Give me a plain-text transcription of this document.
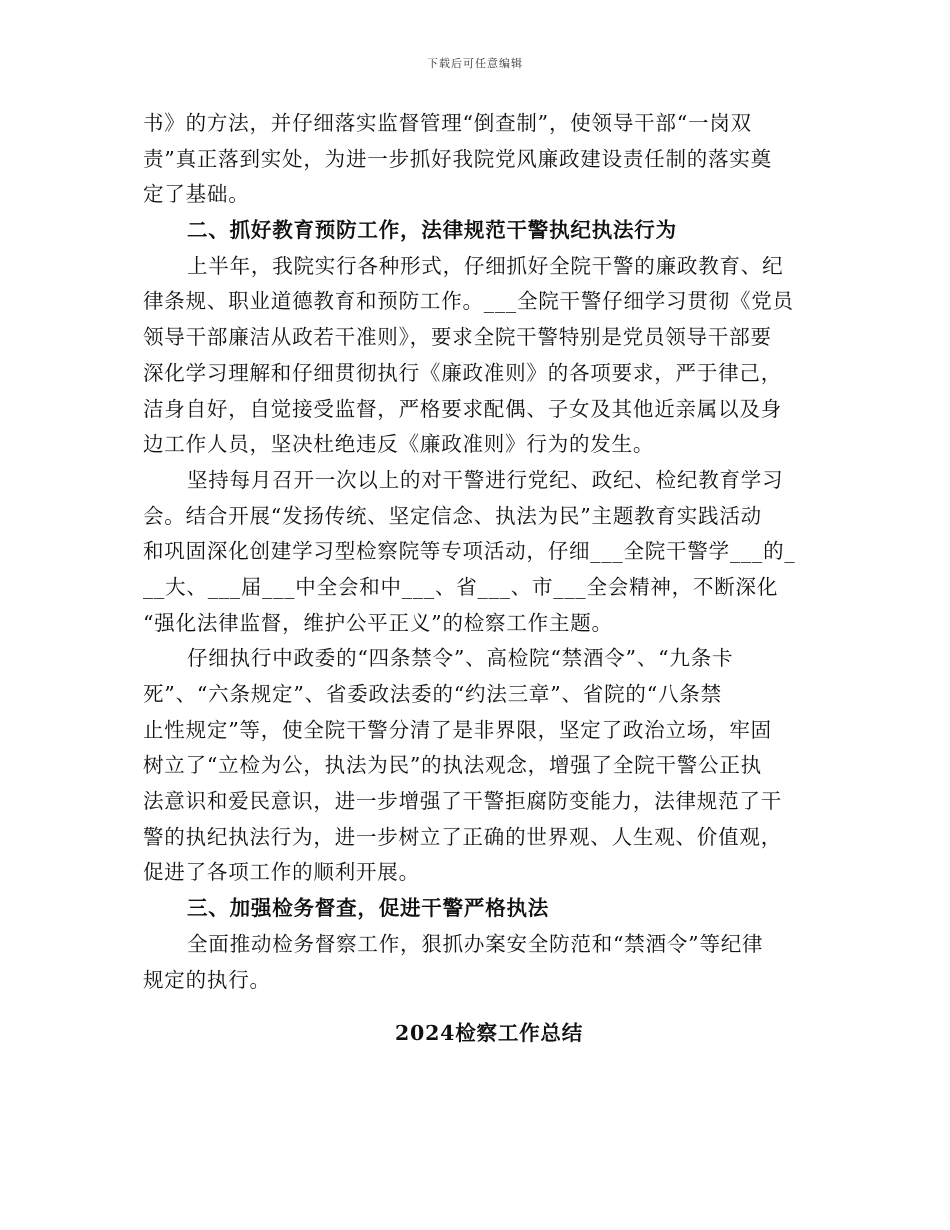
下载后可任意编辑
书》的方法，并仔细落实监督管理“倒查制”，使领导干部“一岗双
责”真正落到实处，为进一步抓好我院党风廉政建设责任制的落实奠
定了基础。
二、抓好教育预防工作，法律规范干警执纪执法行为
上半年，我院实行各种形式，仔细抓好全院干警的廉政教育、纪
律条规、职业道德教育和预防工作。___全院干警仔细学习贯彻《党员
领导干部廉洁从政若干准则》，要求全院干警特别是党员领导干部要
深化学习理解和仔细贯彻执行《廉政准则》的各项要求，严于律己，
洁身自好，自觉接受监督，严格要求配偶、子女及其他近亲属以及身
边工作人员，坚决杜绝违反《廉政准则》行为的发生。
坚持每月召开一次以上的对干警进行党纪、政纪、检纪教育学习
会。结合开展“发扬传统、坚定信念、执法为民”主题教育实践活动
和巩固深化创建学习型检察院等专项活动，仔细___全院干警学___的_
__大、___届___中全会和中___、省___、市___全会精神，不断深化
“强化法律监督，维护公平正义”的检察工作主题。
仔细执行中政委的“四条禁令”、高检院“禁酒令”、“九条卡
死”、“六条规定”、省委政法委的“约法三章”、省院的“八条禁
止性规定”等，使全院干警分清了是非界限，坚定了政治立场，牢固
树立了“立检为公，执法为民”的执法观念，增强了全院干警公正执
法意识和爱民意识，进一步增强了干警拒腐防变能力，法律规范了干
警的执纪执法行为，进一步树立了正确的世界观、人生观、价值观，
促进了各项工作的顺利开展。
三、加强检务督查，促进干警严格执法
全面推动检务督察工作，狠抓办案安全防范和“禁酒令”等纪律
规定的执行。
2024检察工作总结
